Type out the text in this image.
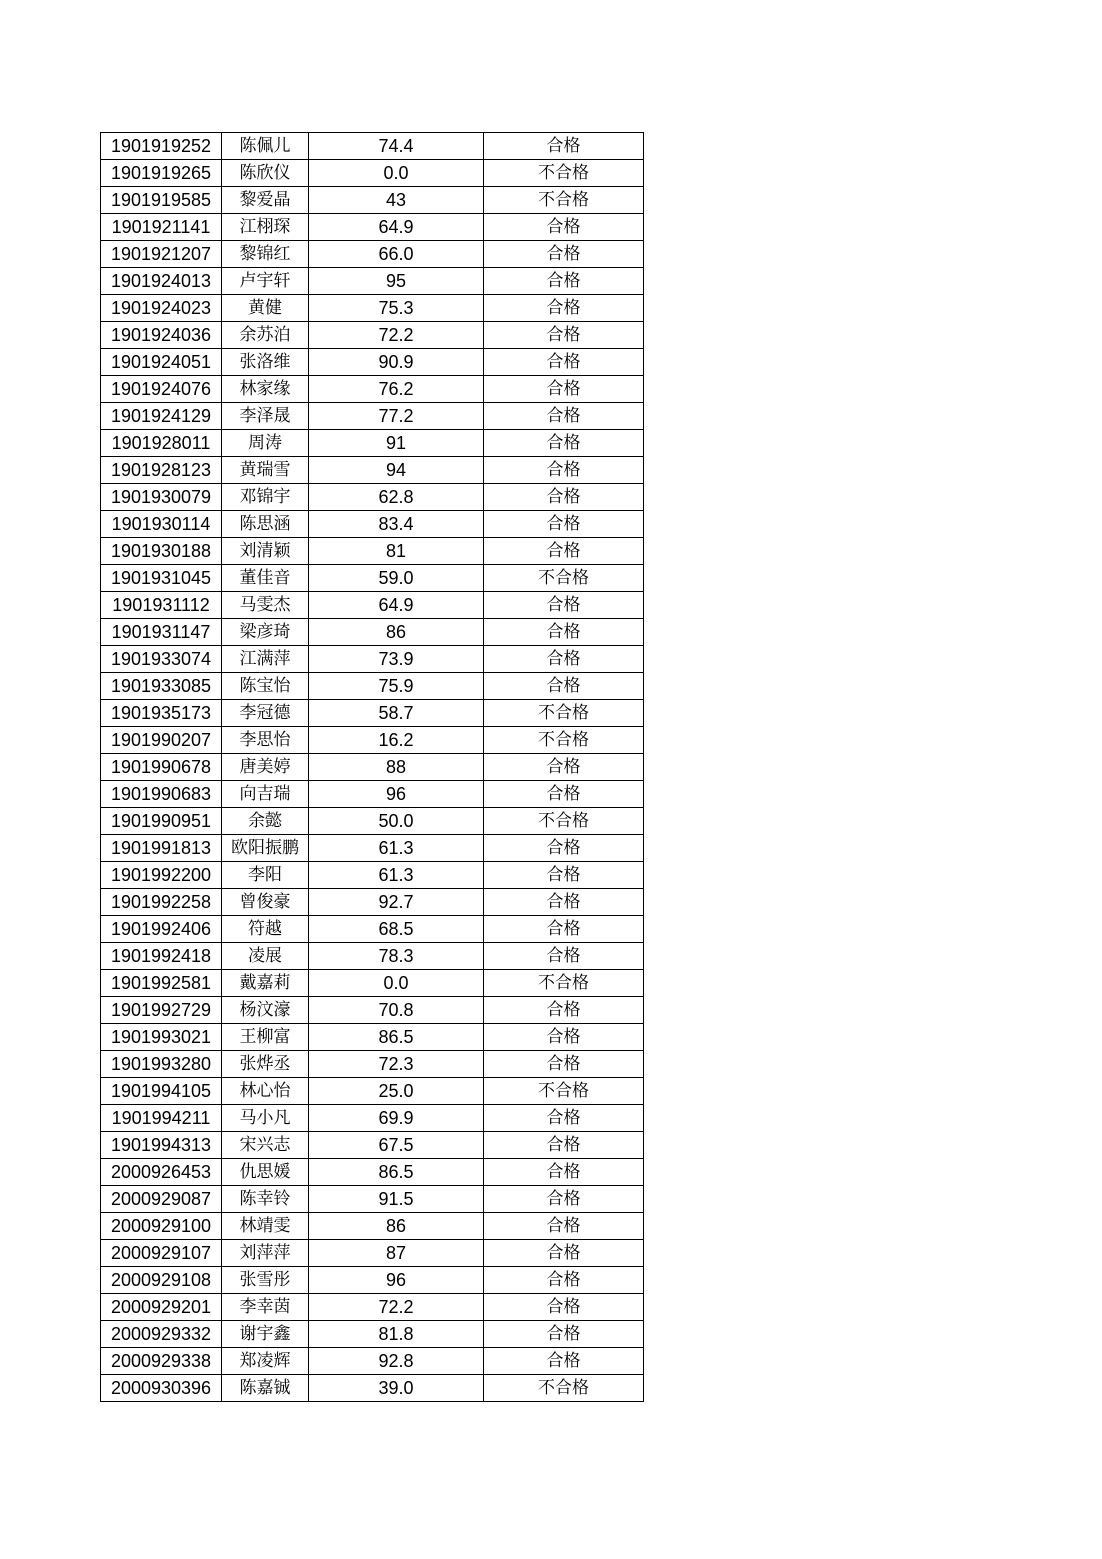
1901919252	陈佩儿	74.4	合格
1901919265	陈欣仪	0.0	不合格
1901919585	黎爱晶	43	不合格
1901921141	江栩琛	64.9	合格
1901921207	黎锦红	66.0	合格
1901924013	卢宇轩	95	合格
1901924023	黄健	75.3	合格
1901924036	余苏泊	72.2	合格
1901924051	张洛维	90.9	合格
1901924076	林家缘	76.2	合格
1901924129	李泽晟	77.2	合格
1901928011	周涛	91	合格
1901928123	黄瑞雪	94	合格
1901930079	邓锦宇	62.8	合格
1901930114	陈思涵	83.4	合格
1901930188	刘清颖	81	合格
1901931045	董佳音	59.0	不合格
1901931112	马雯杰	64.9	合格
1901931147	梁彦琦	86	合格
1901933074	江满萍	73.9	合格
1901933085	陈宝怡	75.9	合格
1901935173	李冠德	58.7	不合格
1901990207	李思怡	16.2	不合格
1901990678	唐美婷	88	合格
1901990683	向吉瑞	96	合格
1901990951	余懿	50.0	不合格
1901991813	欧阳振鹏	61.3	合格
1901992200	李阳	61.3	合格
1901992258	曾俊豪	92.7	合格
1901992406	符越	68.5	合格
1901992418	凌展	78.3	合格
1901992581	戴嘉莉	0.0	不合格
1901992729	杨汶濠	70.8	合格
1901993021	王柳富	86.5	合格
1901993280	张烨丞	72.3	合格
1901994105	林心怡	25.0	不合格
1901994211	马小凡	69.9	合格
1901994313	宋兴志	67.5	合格
2000926453	仇思媛	86.5	合格
2000929087	陈幸铃	91.5	合格
2000929100	林靖雯	86	合格
2000929107	刘萍萍	87	合格
2000929108	张雪彤	96	合格
2000929201	李幸茵	72.2	合格
2000929332	谢宇鑫	81.8	合格
2000929338	郑凌辉	92.8	合格
2000930396	陈嘉铖	39.0	不合格
